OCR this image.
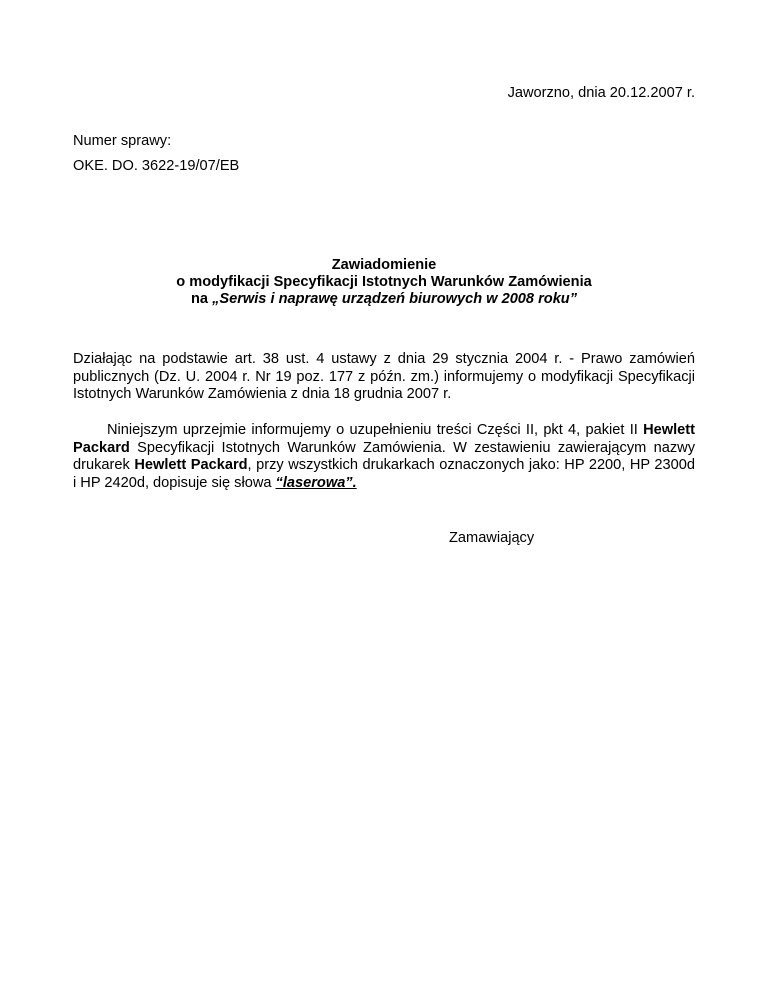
Jaworzno, dnia 20.12.2007 r.
Numer sprawy:
OKE. DO. 3622-19/07/EB
Zawiadomienie
o modyfikacji Specyfikacji Istotnych Warunków Zamówienia
na „Serwis i naprawę urządzeń biurowych w 2008 roku”

Działając na podstawie art. 38 ust. 4 ustawy z dnia 29 stycznia 2004 r. - Prawo zamówień publicznych (Dz. U. 2004 r. Nr 19 poz. 177 z późn. zm.) informujemy o modyfikacji Specyfikacji Istotnych Warunków Zamówienia z dnia 18 grudnia 2007 r.

Niniejszym uprzejmie informujemy o uzupełnieniu treści Części II, pkt 4, pakiet II Hewlett Packard Specyfikacji Istotnych Warunków Zamówienia. W zestawieniu zawierającym nazwy drukarek Hewlett Packard, przy wszystkich drukarkach oznaczonych jako: HP 2200, HP 2300d i HP 2420d, dopisuje się słowa “laserowa”.

Zamawiający
